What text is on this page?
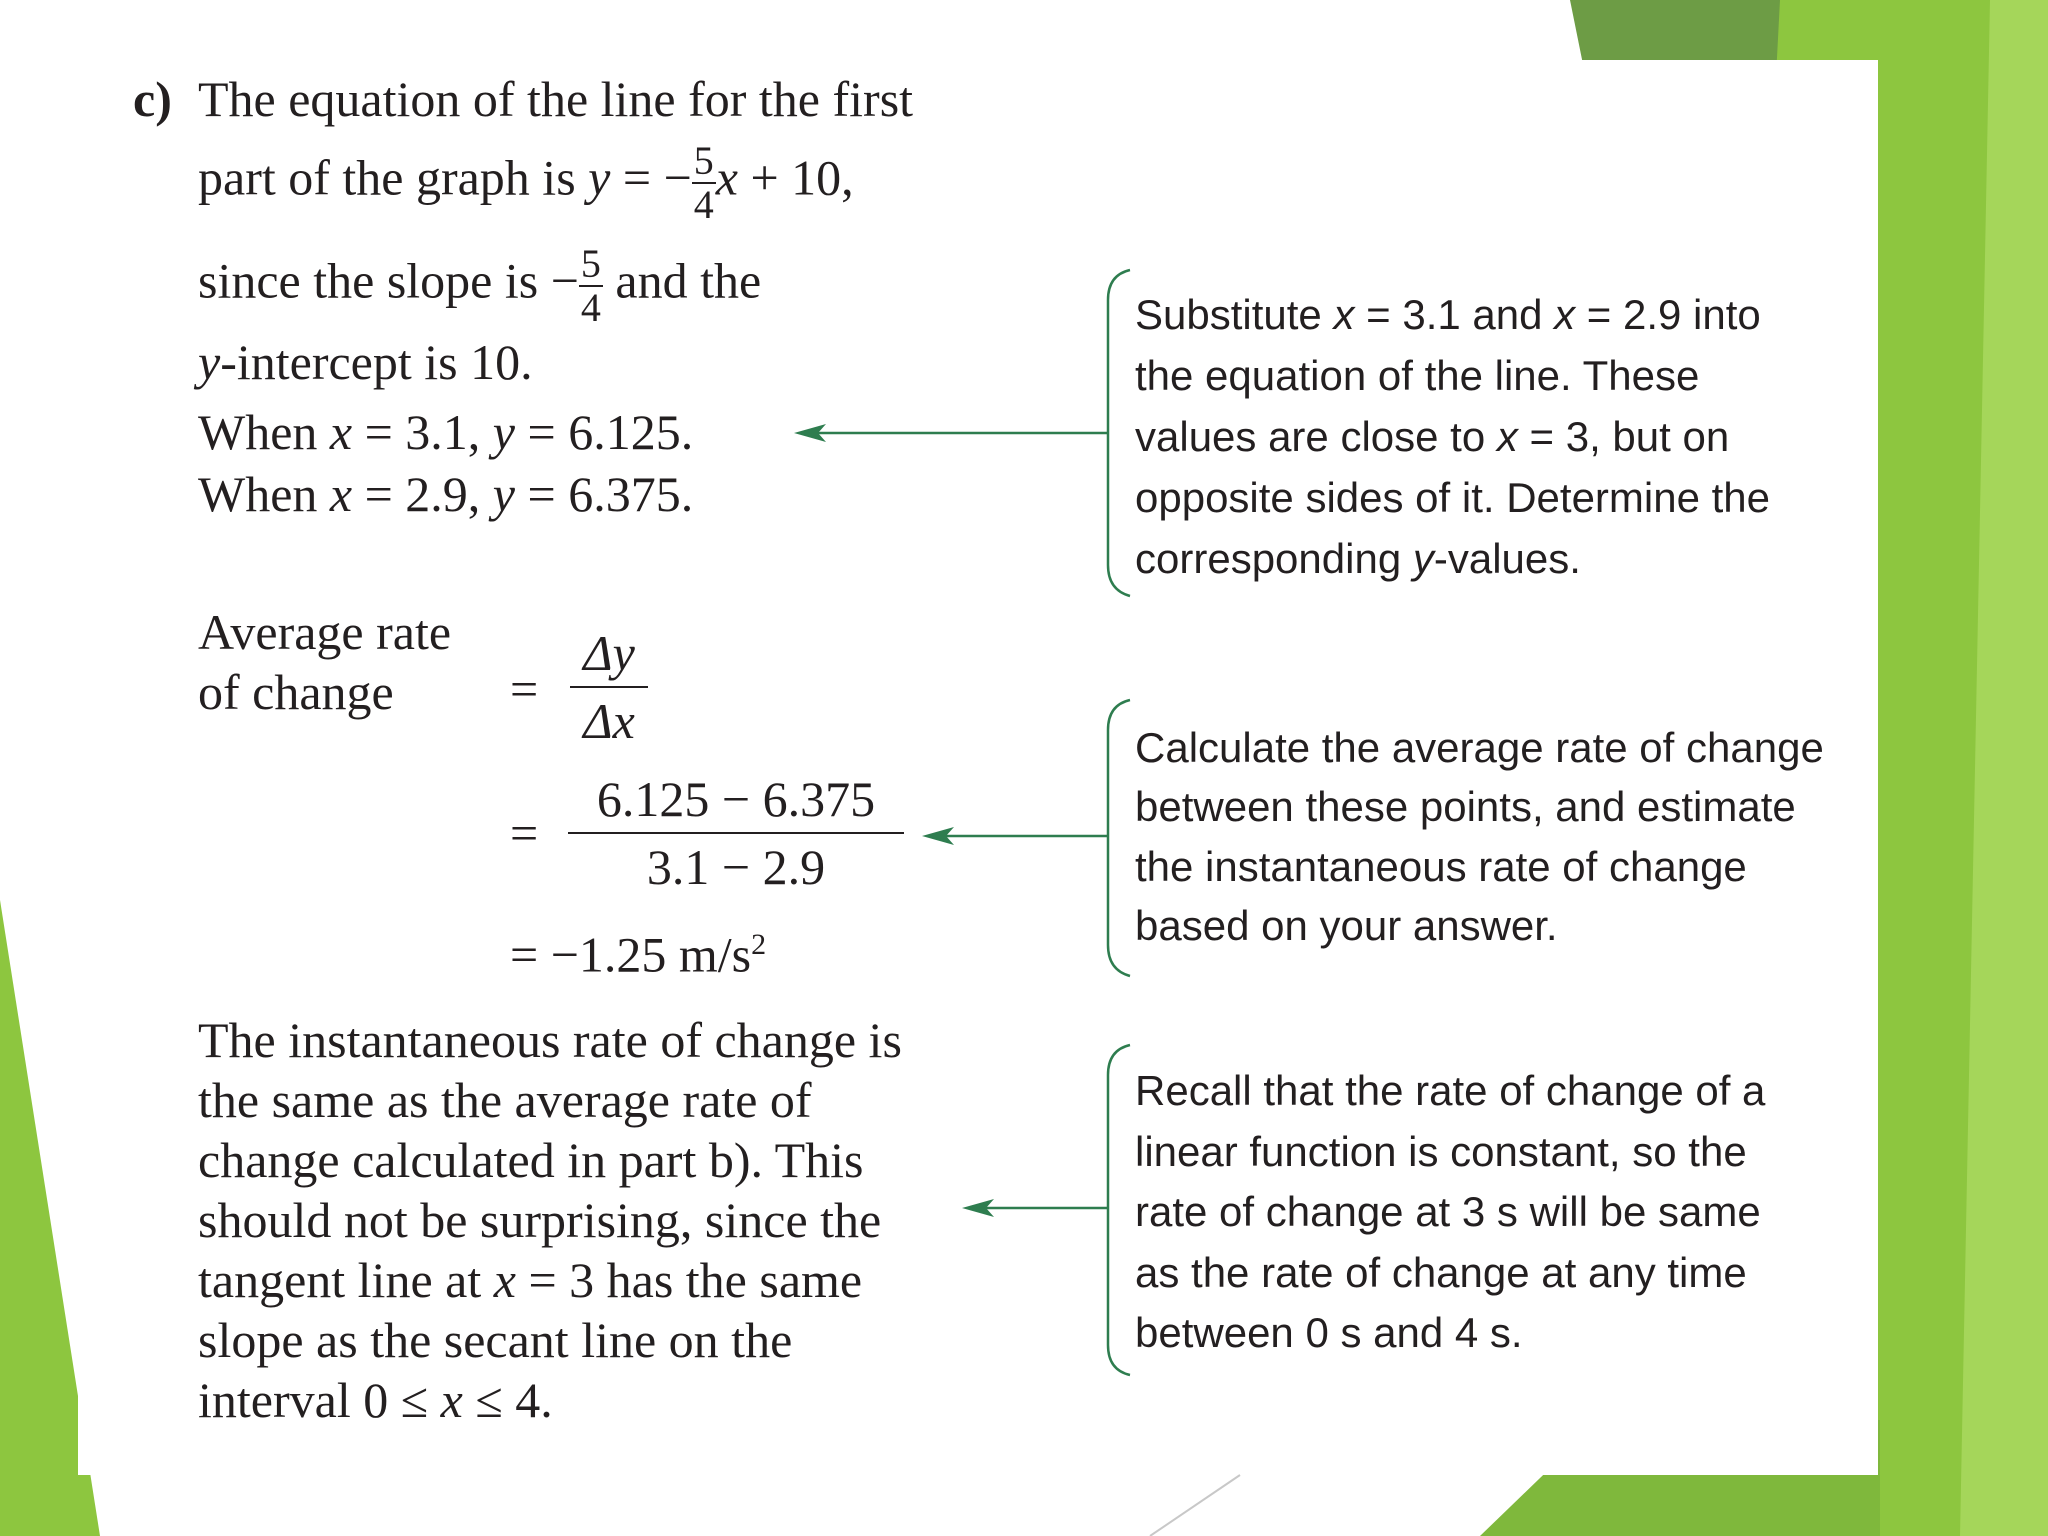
c) The equation of the line for the first
part of the graph is y = − $\frac{5}{4}$ x + 10,
since the slope is − $\frac{5}{4}$ and the
y-intercept is 10.
When x = 3.1, y = 6.125.
When x = 2.9, y = 6.375.
Average rate
of change =
Δy
Δx
=
6.125 − 6.375
3.1 − 2.9
= −1.25 $m/s^2$
The instantaneous rate of change is
the same as the average rate of
change calculated in part b). This
should not be surprising, since the
tangent line at x = 3 has the same
slope as the secant line on the
interval 0 ≤ x ≤ 4.
Substitute x = 3.1 and x = 2.9 into
the equation of the line. These
values are close to x = 3, but on
opposite sides of it. Determine the
corresponding y-values.
Calculate the average rate of change
between these points, and estimate
the instantaneous rate of change
based on your answer.
Recall that the rate of change of a
linear function is constant, so the
rate of change at 3 s will be same
as the rate of change at any time
between 0 s and 4 s.
